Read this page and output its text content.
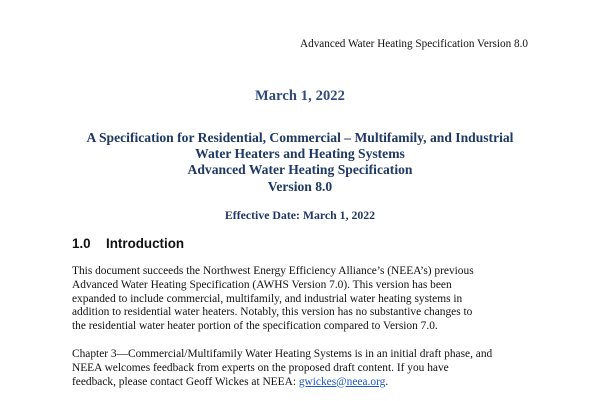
Advanced Water Heating Specification Version 8.0
March 1, 2022
A Specification for Residential, Commercial – Multifamily, and Industrial
Water Heaters and Heating Systems
Advanced Water Heating Specification
Version 8.0
Effective Date: March 1, 2022
1.0 Introduction
This document succeeds the Northwest Energy Efficiency Alliance’s (NEEA’s) previous
Advanced Water Heating Specification (AWHS Version 7.0). This version has been
expanded to include commercial, multifamily, and industrial water heating systems in
addition to residential water heaters. Notably, this version has no substantive changes to
the residential water heater portion of the specification compared to Version 7.0.
Chapter 3—Commercial/Multifamily Water Heating Systems is in an initial draft phase, and
NEEA welcomes feedback from experts on the proposed draft content. If you have
feedback, please contact Geoff Wickes at NEEA: gwickes@neea.org.
